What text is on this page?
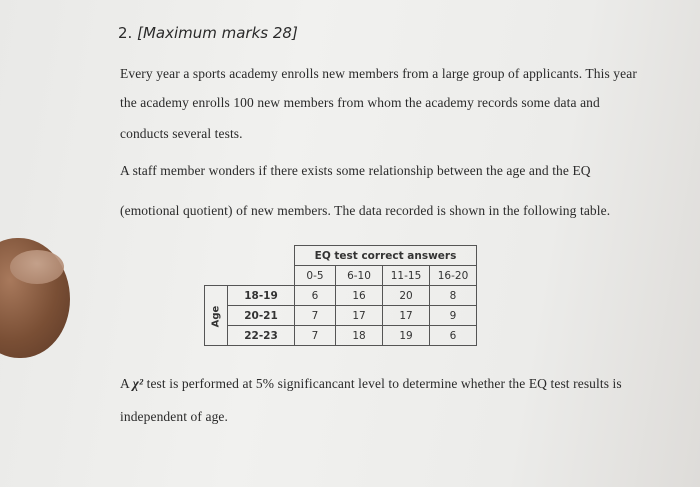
2. [Maximum marks 28]
Every year a sports academy enrolls new members from a large group of applicants. This year
the academy enrolls 100 new members from whom the academy records some data and
conducts several tests.
A staff member wonders if there exists some relationship between the age and the EQ
(emotional quotient) of new members. The data recorded is shown in the following table.
		EQ test correct answers			
		0-5	6-10	11-15	16-20
Age	18-19	6	16	20	8
	20-21	7	17	17	9
	22-23	7	18	19	6
A χ² test is performed at 5% significancant level to determine whether the EQ test results is
independent of age.
